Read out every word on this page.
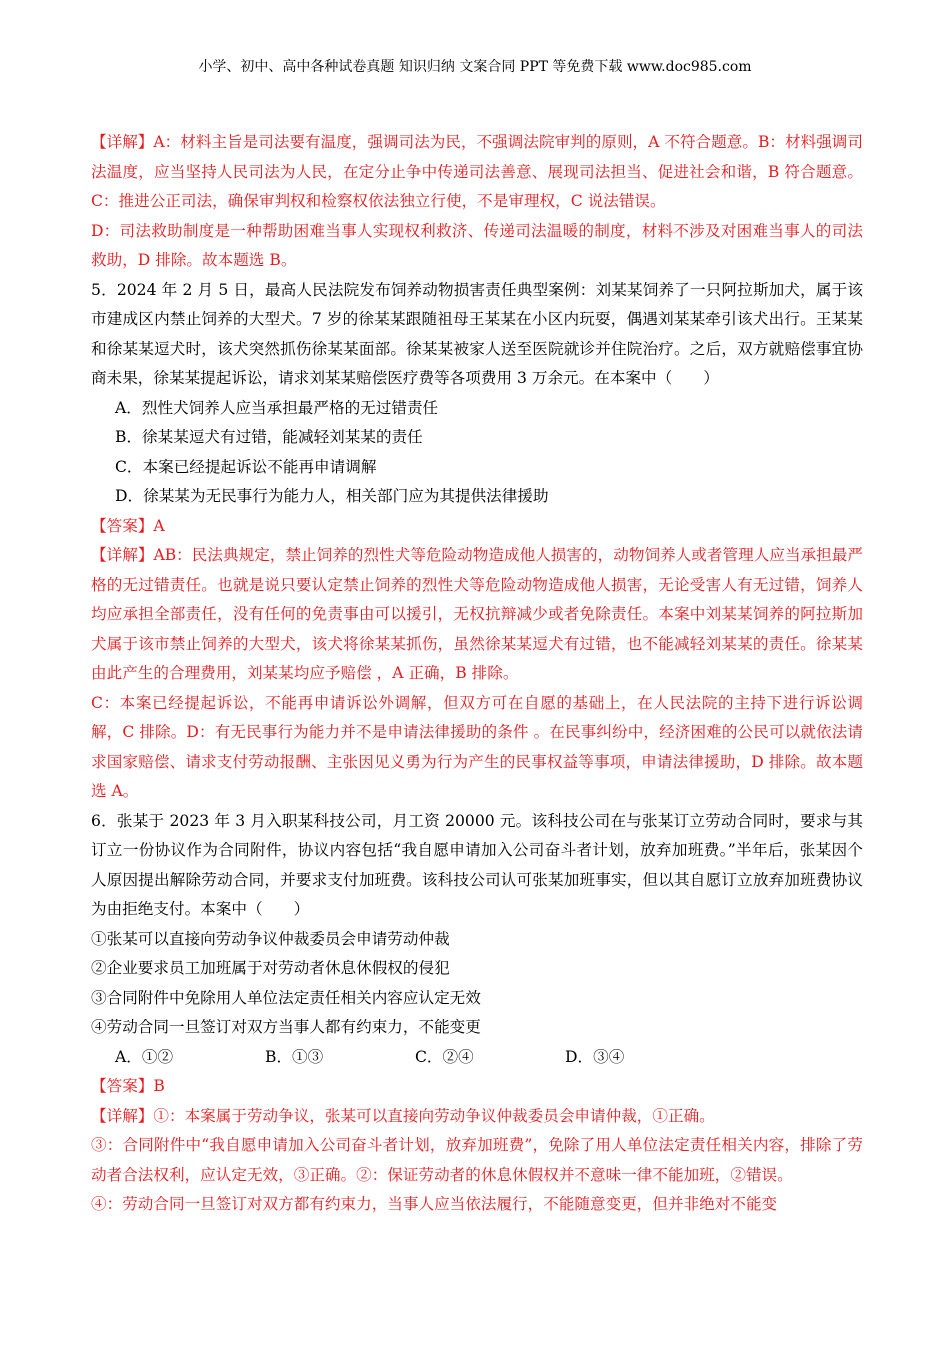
小学、初中、高中各种试卷真题 知识归纳 文案合同 PPT 等免费下载 www.doc985.com

【详解】A：材料主旨是司法要有温度，强调司法为民，不强调法院审判的原则，A 不符合题意。B：材料强调司法温度，应当坚持人民司法为人民，在定分止争中传递司法善意、展现司法担当、促进社会和谐，B 符合题意。C：推进公正司法，确保审判权和检察权依法独立行使，不是审理权，C 说法错误。

D：司法救助制度是一种帮助困难当事人实现权利救济、传递司法温暖的制度，材料不涉及对困难当事人的司法救助，D 排除。故本题选 B。

5．2024 年 2 月 5 日，最高人民法院发布饲养动物损害责任典型案例：刘某某饲养了一只阿拉斯加犬，属于该市建成区内禁止饲养的大型犬。7 岁的徐某某跟随祖母王某某在小区内玩耍，偶遇刘某某牵引该犬出行。王某某和徐某某逗犬时，该犬突然抓伤徐某某面部。徐某某被家人送至医院就诊并住院治疗。之后，双方就赔偿事宜协商未果，徐某某提起诉讼，请求刘某某赔偿医疗费等各项费用 3 万余元。在本案中（　　）

A．烈性犬饲养人应当承担最严格的无过错责任

B．徐某某逗犬有过错，能减轻刘某某的责任

C．本案已经提起诉讼不能再申请调解

D．徐某某为无民事行为能力人，相关部门应为其提供法律援助

【答案】A

【详解】AB：民法典规定，禁止饲养的烈性犬等危险动物造成他人损害的，动物饲养人或者管理人应当承担最严格的无过错责任。也就是说只要认定禁止饲养的烈性犬等危险动物造成他人损害，无论受害人有无过错，饲养人均应承担全部责任，没有任何的免责事由可以援引，无权抗辩减少或者免除责任。本案中刘某某饲养的阿拉斯加犬属于该市禁止饲养的大型犬，该犬将徐某某抓伤，虽然徐某某逗犬有过错，也不能减轻刘某某的责任。徐某某由此产生的合理费用，刘某某均应予赔偿 ，A 正确，B 排除。

C：本案已经提起诉讼，不能再申请诉讼外调解，但双方可在自愿的基础上，在人民法院的主持下进行诉讼调解，C 排除。D：有无民事行为能力并不是申请法律援助的条件 。在民事纠纷中，经济困难的公民可以就依法请求国家赔偿、请求支付劳动报酬、主张因见义勇为行为产生的民事权益等事项，申请法律援助，D 排除。故本题选 A。

6．张某于 2023 年 3 月入职某科技公司，月工资 20000 元。该科技公司在与张某订立劳动合同时，要求与其订立一份协议作为合同附件，协议内容包括“我自愿申请加入公司奋斗者计划，放弃加班费。”半年后，张某因个人原因提出解除劳动合同，并要求支付加班费。该科技公司认可张某加班事实，但以其自愿订立放弃加班费协议为由拒绝支付。本案中（　　）

①张某可以直接向劳动争议仲裁委员会申请劳动仲裁

②企业要求员工加班属于对劳动者休息休假权的侵犯

③合同附件中免除用人单位法定责任相关内容应认定无效

④劳动合同一旦签订对双方当事人都有约束力，不能变更

A．①②	B．①③	C．②④	D．③④

【答案】B

【详解】①：本案属于劳动争议，张某可以直接向劳动争议仲裁委员会申请仲裁，①正确。

③：合同附件中“我自愿申请加入公司奋斗者计划，放弃加班费”，免除了用人单位法定责任相关内容，排除了劳动者合法权利，应认定无效，③正确。②：保证劳动者的休息休假权并不意味一律不能加班，②错误。

④：劳动合同一旦签订对双方都有约束力，当事人应当依法履行，不能随意变更，但并非绝对不能变
